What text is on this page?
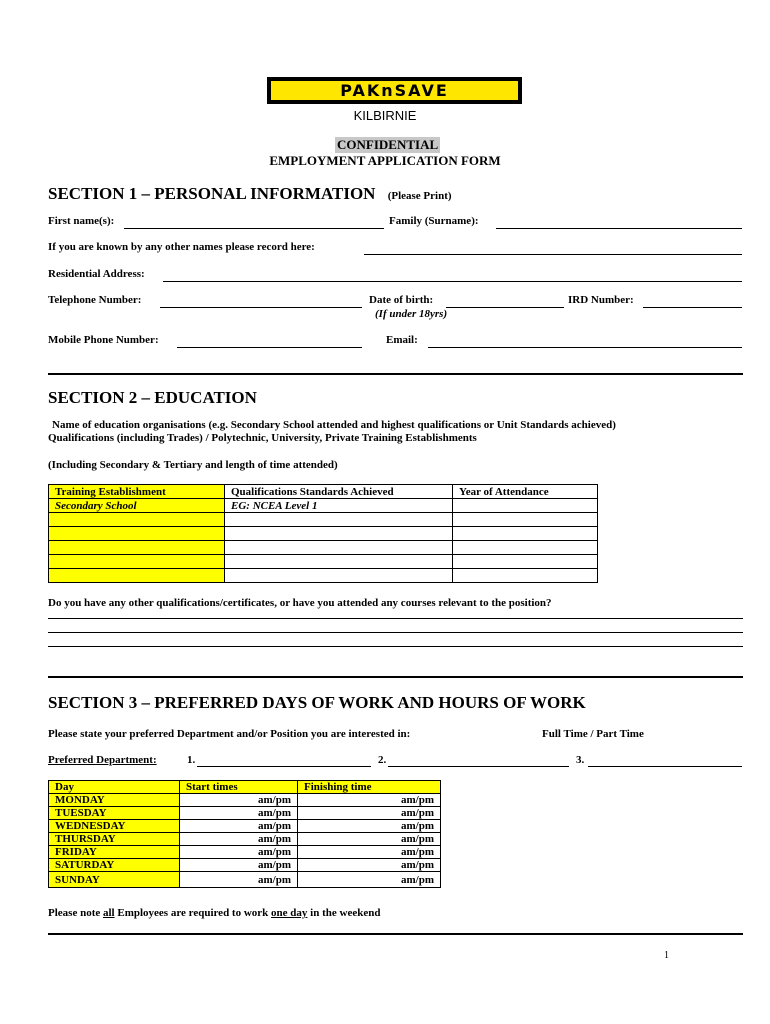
PAKnSAVE
KILBIRNIE
CONFIDENTIAL
EMPLOYMENT APPLICATION FORM
SECTION 1 – PERSONAL INFORMATION (Please Print)
First name(s):	Family (Surname):
If you are known by any other names please record here:
Residential Address:
Telephone Number:	Date of birth:
(If under 18yrs)
IRD Number:
Mobile Phone Number:	Email:
SECTION 2 – EDUCATION
Name of education organisations (e.g. Secondary School attended and highest qualifications or Unit Standards achieved)
Qualifications (including Trades) / Polytechnic, University, Private Training Establishments
(Including Secondary & Tertiary and length of time attended)
Training Establishment	Qualifications Standards Achieved	Year of Attendance
Secondary School	EG: NCEA Level 1	

Do you have any other qualifications/certificates, or have you attended any courses relevant to the position?
SECTION 3 – PREFERRED DAYS OF WORK AND HOURS OF WORK
Please state your preferred Department and/or Position you are interested in:	Full Time / Part Time
Preferred Department:	1.	2.	3.
Day	Start times	Finishing time
MONDAY	am/pm	am/pm
TUESDAY	am/pm	am/pm
WEDNESDAY	am/pm	am/pm
THURSDAY	am/pm	am/pm
FRIDAY	am/pm	am/pm
SATURDAY	am/pm	am/pm
SUNDAY	am/pm	am/pm
Please note all Employees are required to work one day in the weekend
1
